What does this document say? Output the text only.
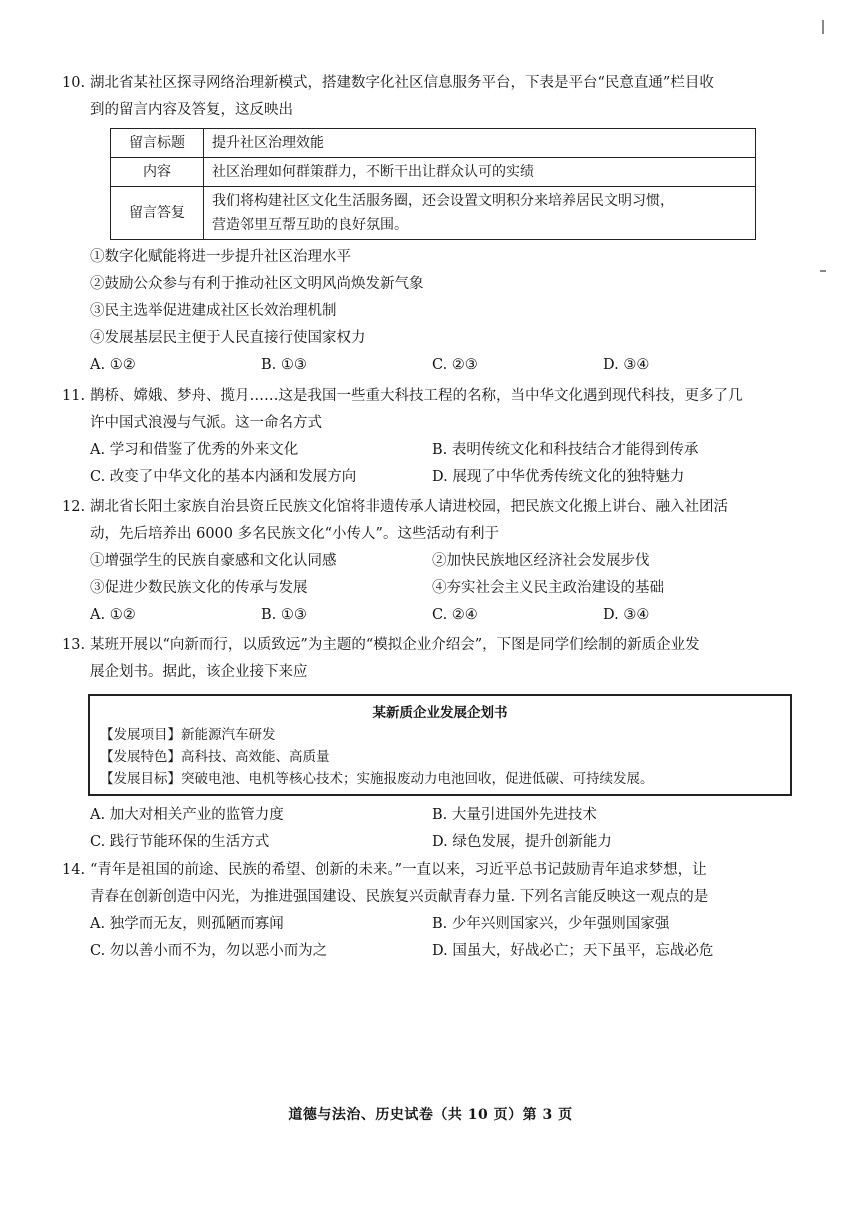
10. 湖北省某社区探寻网络治理新模式，搭建数字化社区信息服务平台，下表是平台“民意直通”栏目收
到的留言内容及答复，这反映出
留言标题	提升社区治理效能
内容	社区治理如何群策群力，不断干出让群众认可的实绩
留言答复	我们将构建社区文化生活服务圈，还会设置文明积分来培养居民文明习惯，
营造邻里互帮互助的良好氛围。
①数字化赋能将进一步提升社区治理水平
②鼓励公众参与有利于推动社区文明风尚焕发新气象
③民主选举促进建成社区长效治理机制
④发展基层民主便于人民直接行使国家权力
A. ①②	B. ①③	C. ②③	D. ③④
11. 鹊桥、嫦娥、梦舟、揽月……这是我国一些重大科技工程的名称，当中华文化遇到现代科技，更多了几
许中国式浪漫与气派。这一命名方式
A. 学习和借鉴了优秀的外来文化	B. 表明传统文化和科技结合才能得到传承
C. 改变了中华文化的基本内涵和发展方向	D. 展现了中华优秀传统文化的独特魅力
12. 湖北省长阳土家族自治县资丘民族文化馆将非遗传承人请进校园，把民族文化搬上讲台、融入社团活
动，先后培养出 6000 多名民族文化“小传人”。这些活动有利于
①增强学生的民族自豪感和文化认同感	②加快民族地区经济社会发展步伐
③促进少数民族文化的传承与发展	④夯实社会主义民主政治建设的基础
A. ①②	B. ①③	C. ②④	D. ③④
13. 某班开展以“向新而行，以质致远”为主题的“模拟企业介绍会”，下图是同学们绘制的新质企业发
展企划书。据此，该企业接下来应
某新质企业发展企划书
【发展项目】新能源汽车研发
【发展特色】高科技、高效能、高质量
【发展目标】突破电池、电机等核心技术；实施报废动力电池回收，促进低碳、可持续发展。
A. 加大对相关产业的监管力度	B. 大量引进国外先进技术
C. 践行节能环保的生活方式	D. 绿色发展，提升创新能力
14. “青年是祖国的前途、民族的希望、创新的未来。”一直以来，习近平总书记鼓励青年追求梦想，让
青春在创新创造中闪光，为推进强国建设、民族复兴贡献青春力量. 下列名言能反映这一观点的是
A. 独学而无友，则孤陋而寡闻	B. 少年兴则国家兴，少年强则国家强
C. 勿以善小而不为，勿以恶小而为之	D. 国虽大，好战必亡；天下虽平，忘战必危
道德与法治、历史试卷（共 10 页）第 3 页
